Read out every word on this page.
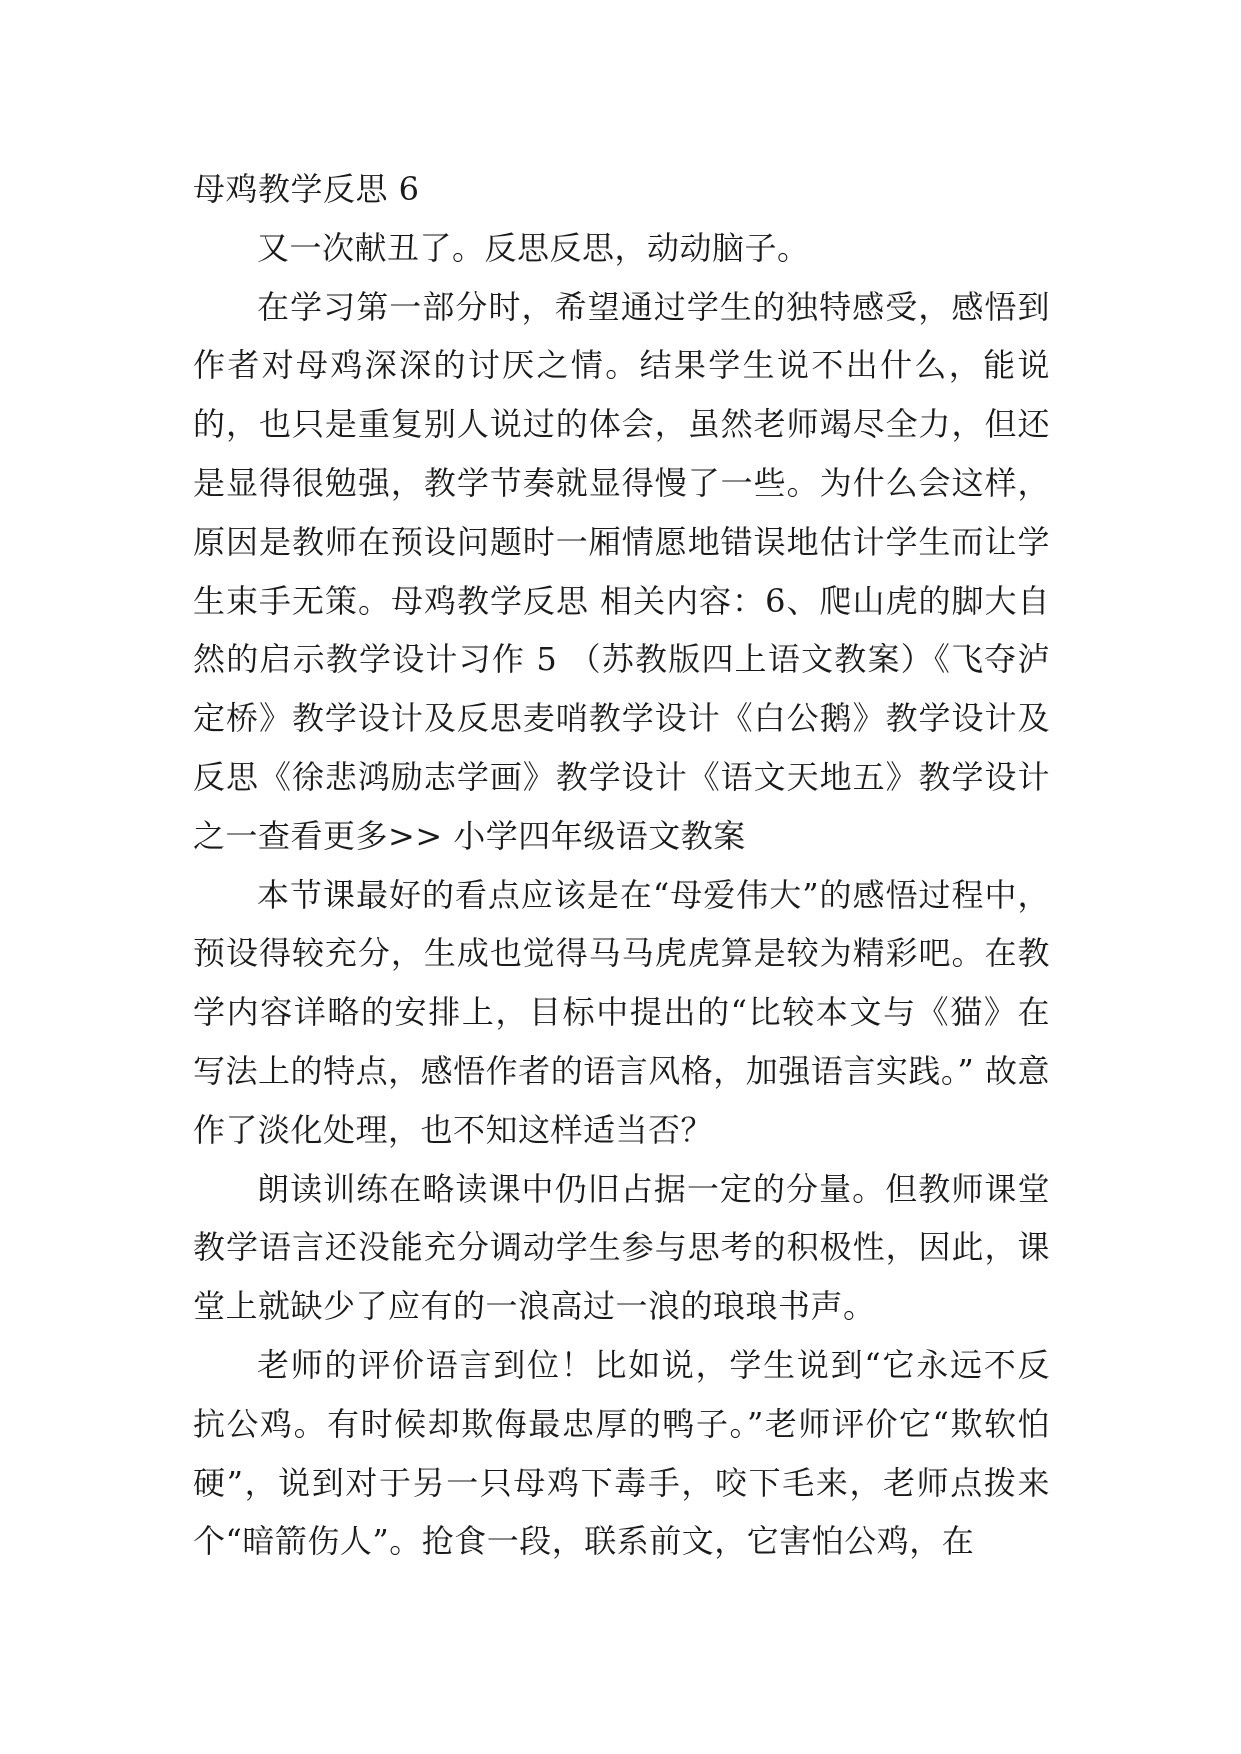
母鸡教学反思 6

又一次献丑了。反思反思，动动脑子。

在学习第一部分时，希望通过学生的独特感受，感悟到作者对母鸡深深的讨厌之情。结果学生说不出什么，能说的，也只是重复别人说过的体会，虽然老师竭尽全力，但还是显得很勉强，教学节奏就显得慢了一些。为什么会这样，原因是教师在预设问题时一厢情愿地错误地估计学生而让学生束手无策。母鸡教学反思 相关内容：6、爬山虎的脚大自然的启示教学设计习作 5 （苏教版四上语文教案）《飞夺泸定桥》教学设计及反思麦哨教学设计《白公鹅》教学设计及反思《徐悲鸿励志学画》教学设计《语文天地五》教学设计之一查看更多>> 小学四年级语文教案

本节课最好的看点应该是在“母爱伟大”的感悟过程中，预设得较充分，生成也觉得马马虎虎算是较为精彩吧。在教学内容详略的安排上，目标中提出的“比较本文与《猫》在写法上的特点，感悟作者的语言风格，加强语言实践。” 故意作了淡化处理，也不知这样适当否？

朗读训练在略读课中仍旧占据一定的分量。但教师课堂教学语言还没能充分调动学生参与思考的积极性，因此，课堂上就缺少了应有的一浪高过一浪的琅琅书声。

老师的评价语言到位！比如说，学生说到“它永远不反抗公鸡。有时候却欺侮最忠厚的鸭子。”老师评价它“欺软怕硬”，说到对于另一只母鸡下毒手，咬下毛来，老师点拨来个“暗箭伤人”。抢食一段，联系前文，它害怕公鸡，在
